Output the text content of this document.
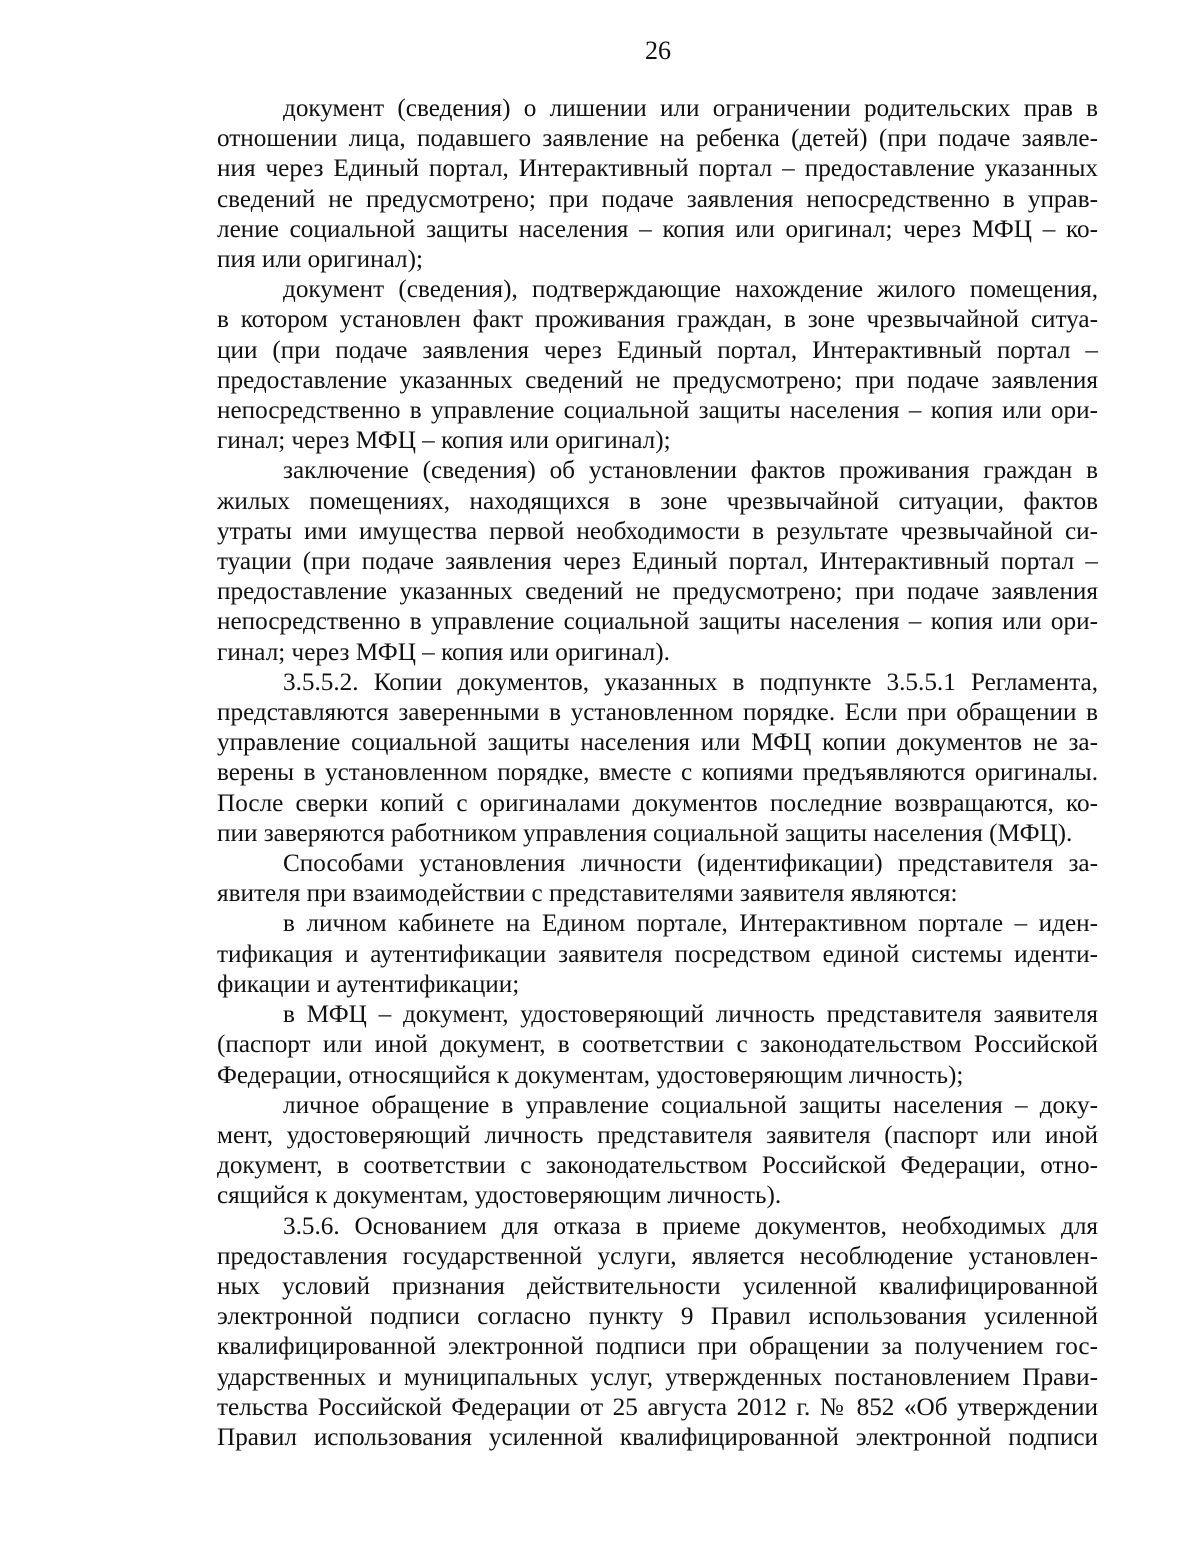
26

документ (сведения) о лишении или ограничении родительских прав в
отношении лица, подавшего заявление на ребенка (детей) (при подаче заявле-
ния через Единый портал, Интерактивный портал – предоставление указанных
сведений не предусмотрено; при подаче заявления непосредственно в управ-
ление социальной защиты населения – копия или оригинал; через МФЦ – ко-
пия или оригинал);

документ (сведения), подтверждающие нахождение жилого помещения,
в котором установлен факт проживания граждан, в зоне чрезвычайной ситуа-
ции (при подаче заявления через Единый портал, Интерактивный портал –
предоставление указанных сведений не предусмотрено; при подаче заявления
непосредственно в управление социальной защиты населения – копия или ори-
гинал; через МФЦ – копия или оригинал);

заключение (сведения) об установлении фактов проживания граждан в
жилых помещениях, находящихся в зоне чрезвычайной ситуации, фактов
утраты ими имущества первой необходимости в результате чрезвычайной си-
туации (при подаче заявления через Единый портал, Интерактивный портал –
предоставление указанных сведений не предусмотрено; при подаче заявления
непосредственно в управление социальной защиты населения – копия или ори-
гинал; через МФЦ – копия или оригинал).

3.5.5.2. Копии документов, указанных в подпункте 3.5.5.1 Регламента,
представляются заверенными в установленном порядке. Если при обращении в
управление социальной защиты населения или МФЦ копии документов не за-
верены в установленном порядке, вместе с копиями предъявляются оригиналы.
После сверки копий с оригиналами документов последние возвращаются, ко-
пии заверяются работником управления социальной защиты населения (МФЦ).

Способами установления личности (идентификации) представителя за-
явителя при взаимодействии с представителями заявителя являются:

в личном кабинете на Едином портале, Интерактивном портале – иден-
тификация и аутентификации заявителя посредством единой системы иденти-
фикации и аутентификации;

в МФЦ – документ, удостоверяющий личность представителя заявителя
(паспорт или иной документ, в соответствии с законодательством Российской
Федерации, относящийся к документам, удостоверяющим личность);

личное обращение в управление социальной защиты населения – доку-
мент, удостоверяющий личность представителя заявителя (паспорт или иной
документ, в соответствии с законодательством Российской Федерации, отно-
сящийся к документам, удостоверяющим личность).

3.5.6. Основанием для отказа в приеме документов, необходимых для
предоставления государственной услуги, является несоблюдение установлен-
ных условий признания действительности усиленной квалифицированной
электронной подписи согласно пункту 9 Правил использования усиленной
квалифицированной электронной подписи при обращении за получением гос-
ударственных и муниципальных услуг, утвержденных постановлением Прави-
тельства Российской Федерации от 25 августа 2012 г. № 852 «Об утверждении
Правил использования усиленной квалифицированной электронной подписи
